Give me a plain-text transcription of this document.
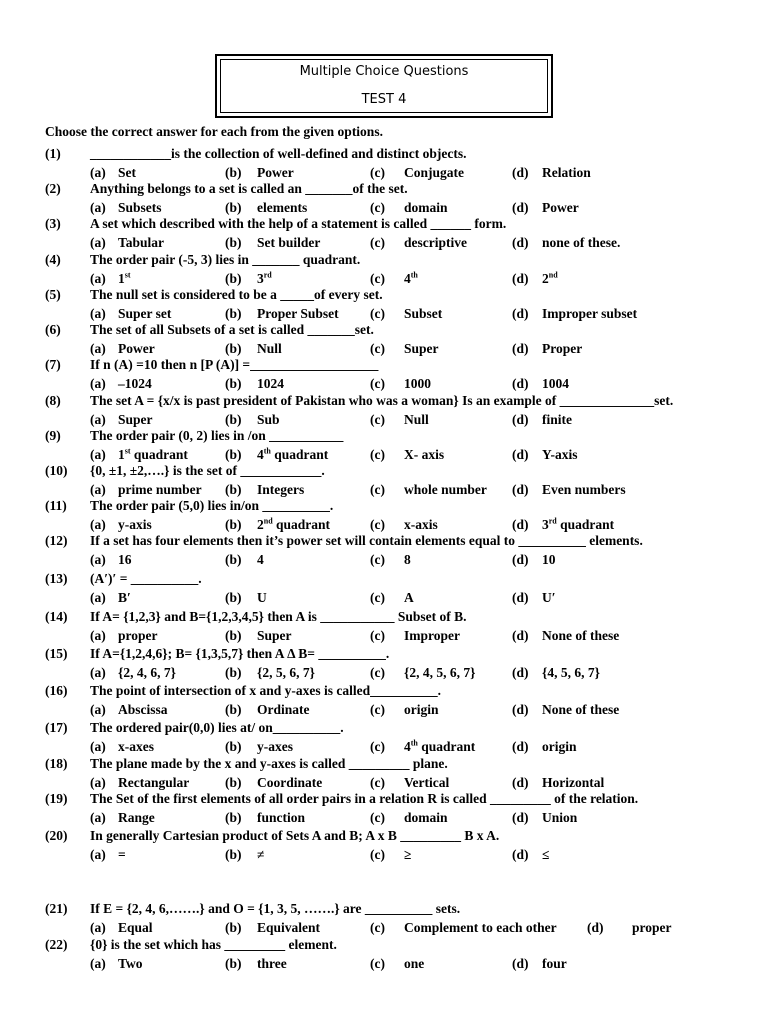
Multiple Choice Questions
TEST 4
Choose the correct answer for each from the given options.
(1) ____________is the collection of well-defined and distinct objects.
(a) Set	(b) Power	(c) Conjugate	(d) Relation
(2) Anything belongs to a set is called an _______of the set.
(a) Subsets	(b) elements	(c) domain	(d) Power
(3) A set which described with the help of a statement is called ______ form.
(a) Tabular	(b) Set builder	(c) descriptive	(d) none of these.
(4) The order pair (-5, 3) lies in _______ quadrant.
(a) 1st	(b) 3rd	(c) 4th	(d) 2nd
(5) The null set is considered to be a _____of every set.
(a) Super set	(b) Proper Subset (c) Subset	(d) Improper subset
(6) The set of all Subsets of a set is called _______set.
(a) Power	(b) Null	(c) Super	(d) Proper
(7) If n (A) =10 then n [P (A)] =___________________
(a) –1024	(b) 1024	(c) 1000	(d) 1004
(8) The set A = {x/x is past president of Pakistan who was a woman} Is an example of ______________set.
(a) Super	(b) Sub	(c) Null	(d) finite
(9) The order pair (0, 2) lies in /on ___________
(a) 1st quadrant	(b) 4th quadrant	(c) X- axis	(d) Y-axis
(10) {0, ±1, ±2,….} is the set of ____________.
(a) prime number (b) Integers	(c) whole number (d) Even numbers
(11) The order pair (5,0) lies in/on __________.
(a) y-axis	(b) 2nd quadrant	(c) x-axis	(d) 3rd quadrant
(12) If a set has four elements then it’s power set will contain elements equal to __________ elements.
(a) 16	(b) 4	(c) 8	(d) 10
(13) (A′)′ = __________.
(a) B′	(b) U	(c) A	(d) U′
(14) If A= {1,2,3} and B={1,2,3,4,5} then A is ___________ Subset of B.
(a) proper	(b) Super	(c) Improper	(d) None of these
(15) If A={1,2,4,6}; B= {1,3,5,7} then A Δ B= __________.
(a) {2, 4, 6, 7}	(b) {2, 5, 6, 7}	(c) {2, 4, 5, 6, 7}	(d) {4, 5, 6, 7}
(16) The point of intersection of x and y-axes is called__________.
(a) Abscissa	(b) Ordinate	(c) origin	(d) None of these
(17) The ordered pair(0,0) lies at/ on__________.
(a) x-axes	(b) y-axes	(c) 4th quadrant	(d) origin
(18) The plane made by the x and y-axes is called _________ plane.
(a) Rectangular	(b) Coordinate	(c) Vertical	(d) Horizontal
(19) The Set of the first elements of all order pairs in a relation R is called _________ of the relation.
(a) Range	(b) function	(c) domain	(d) Union
(20) In generally Cartesian product of Sets A and B; A x B _________ B x A.
(a) =	(b) ≠	(c) ≥	(d) ≤
(21) If E = {2, 4, 6,…….} and O = {1, 3, 5, …….} are __________ sets.
(a) Equal	(b) Equivalent	(c) Complement to each other (d) proper
(22) {0} is the set which has _________ element.
(a) Two	(b) three	(c) one	(d) four
